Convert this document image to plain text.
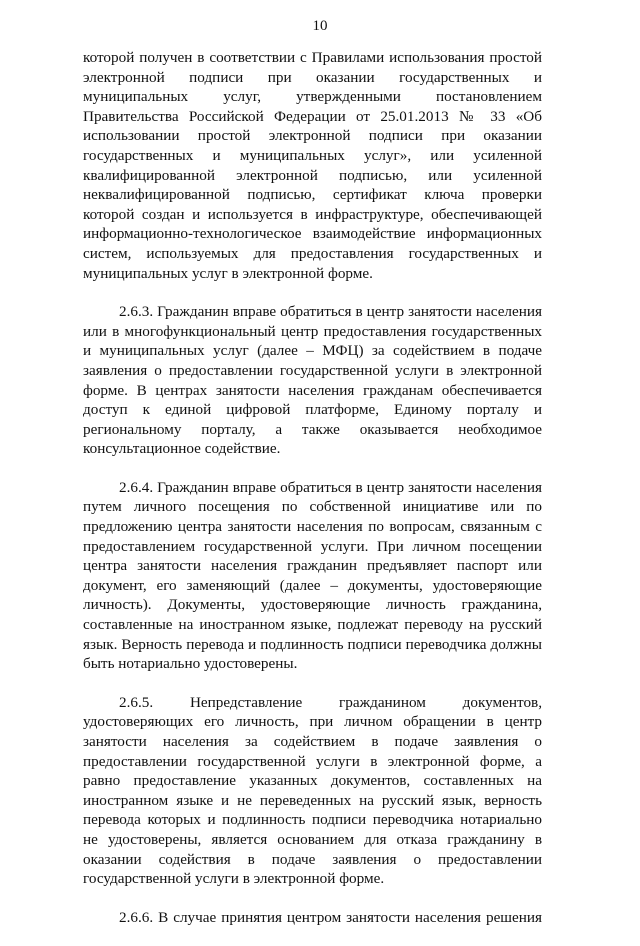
10
которой получен в соответствии с Правилами использования простой
электронной подписи при оказании государственных и
муниципальных услуг, утвержденными постановлением
Правительства Российской Федерации от 25.01.2013 № 33 «Об
использовании простой электронной подписи при оказании
государственных и муниципальных услуг», или усиленной
квалифицированной электронной подписью, или усиленной
неквалифицированной подписью, сертификат ключа проверки
которой создан и используется в инфраструктуре, обеспечивающей
информационно-технологическое взаимодействие информационных
систем, используемых для предоставления государственных и
муниципальных услуг в электронной форме.
2.6.3. Гражданин вправе обратиться в центр занятости населения
или в многофункциональный центр предоставления государственных
и муниципальных услуг (далее – МФЦ) за содействием в подаче
заявления о предоставлении государственной услуги в электронной
форме. В центрах занятости населения гражданам обеспечивается
доступ к единой цифровой платформе, Единому порталу и
региональному порталу, а также оказывается необходимое
консультационное содействие.
2.6.4. Гражданин вправе обратиться в центр занятости населения
путем личного посещения по собственной инициативе или по
предложению центра занятости населения по вопросам, связанным с
предоставлением государственной услуги. При личном посещении
центра занятости населения гражданин предъявляет паспорт или
документ, его заменяющий (далее – документы, удостоверяющие
личность). Документы, удостоверяющие личность гражданина,
составленные на иностранном языке, подлежат переводу на русский
язык. Верность перевода и подлинность подписи переводчика должны
быть нотариально удостоверены.
2.6.5. Непредставление гражданином документов,
удостоверяющих его личность, при личном обращении в центр
занятости населения за содействием в подаче заявления о
предоставлении государственной услуги в электронной форме, а
равно предоставление указанных документов, составленных на
иностранном языке и не переведенных на русский язык, верность
перевода которых и подлинность подписи переводчика нотариально
не удостоверены, является основанием для отказа гражданину в
оказании содействия в подаче заявления о предоставлении
государственной услуги в электронной форме.
2.6.6. В случае принятия центром занятости населения решения
